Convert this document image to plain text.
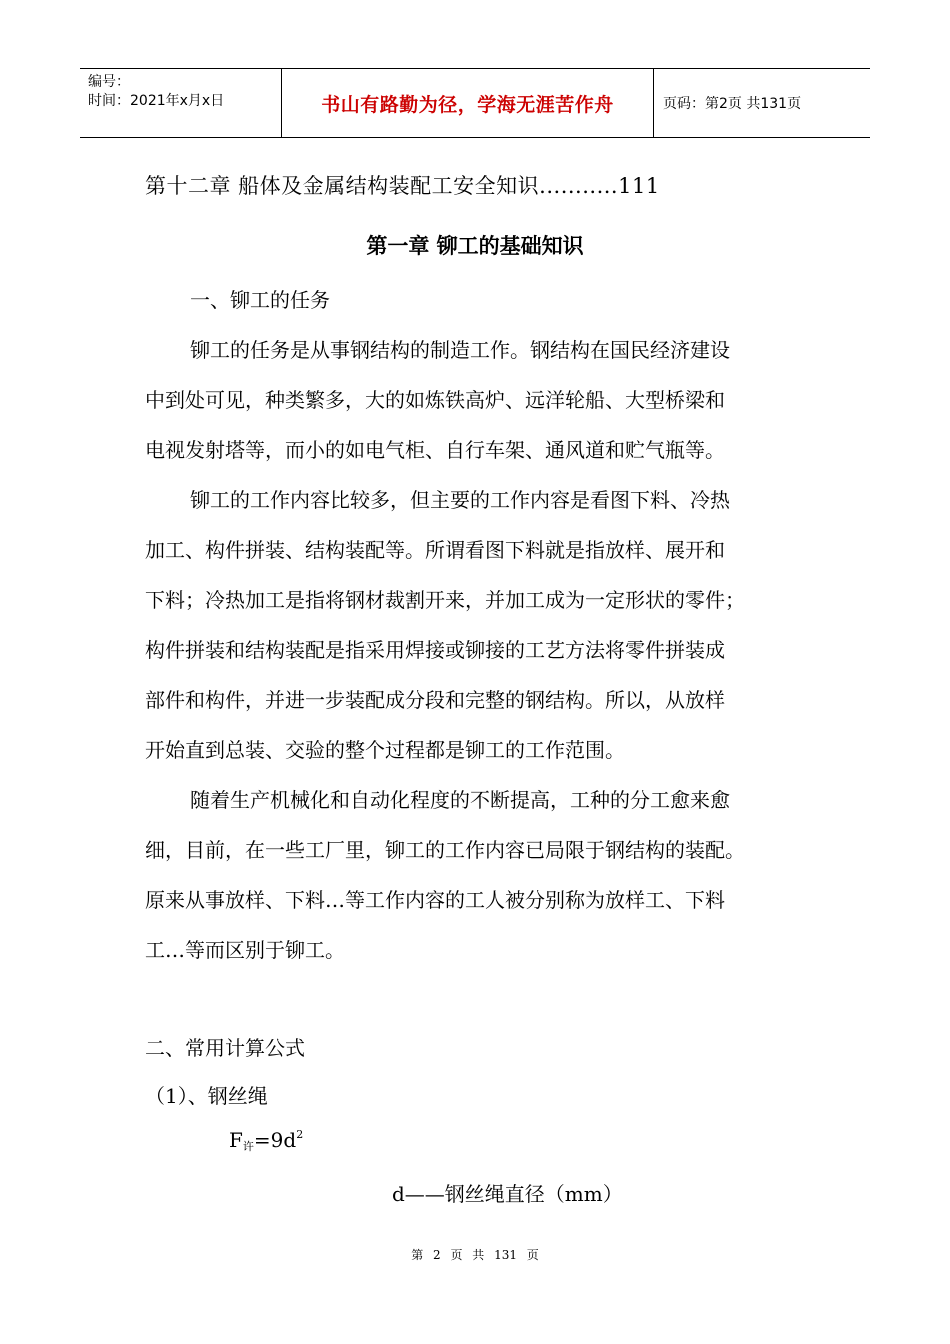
编号：
时间：2021年x月x日	书山有路勤为径，学海无涯苦作舟	页码：第2页 共131页
第十二章 船体及金属结构装配工安全知识...........111
第一章 铆工的基础知识
一、铆工的任务
铆工的任务是从事钢结构的制造工作。钢结构在国民经济建设
中到处可见，种类繁多，大的如炼铁高炉、远洋轮船、大型桥梁和
电视发射塔等，而小的如电气柜、自行车架、通风道和贮气瓶等。
铆工的工作内容比较多，但主要的工作内容是看图下料、冷热
加工、构件拼装、结构装配等。所谓看图下料就是指放样、展开和
下料；冷热加工是指将钢材裁割开来，并加工成为一定形状的零件；
构件拼装和结构装配是指采用焊接或铆接的工艺方法将零件拼装成
部件和构件，并进一步装配成分段和完整的钢结构。所以，从放样
开始直到总装、交验的整个过程都是铆工的工作范围。
随着生产机械化和自动化程度的不断提高，工种的分工愈来愈
细，目前，在一些工厂里，铆工的工作内容已局限于钢结构的装配。
原来从事放样、下料…等工作内容的工人被分别称为放样工、下料
工…等而区别于铆工。
二、常用计算公式
（1）、钢丝绳
$F_许=9d^2$
d——钢丝绳直径（mm）
第 2 页 共 131 页
